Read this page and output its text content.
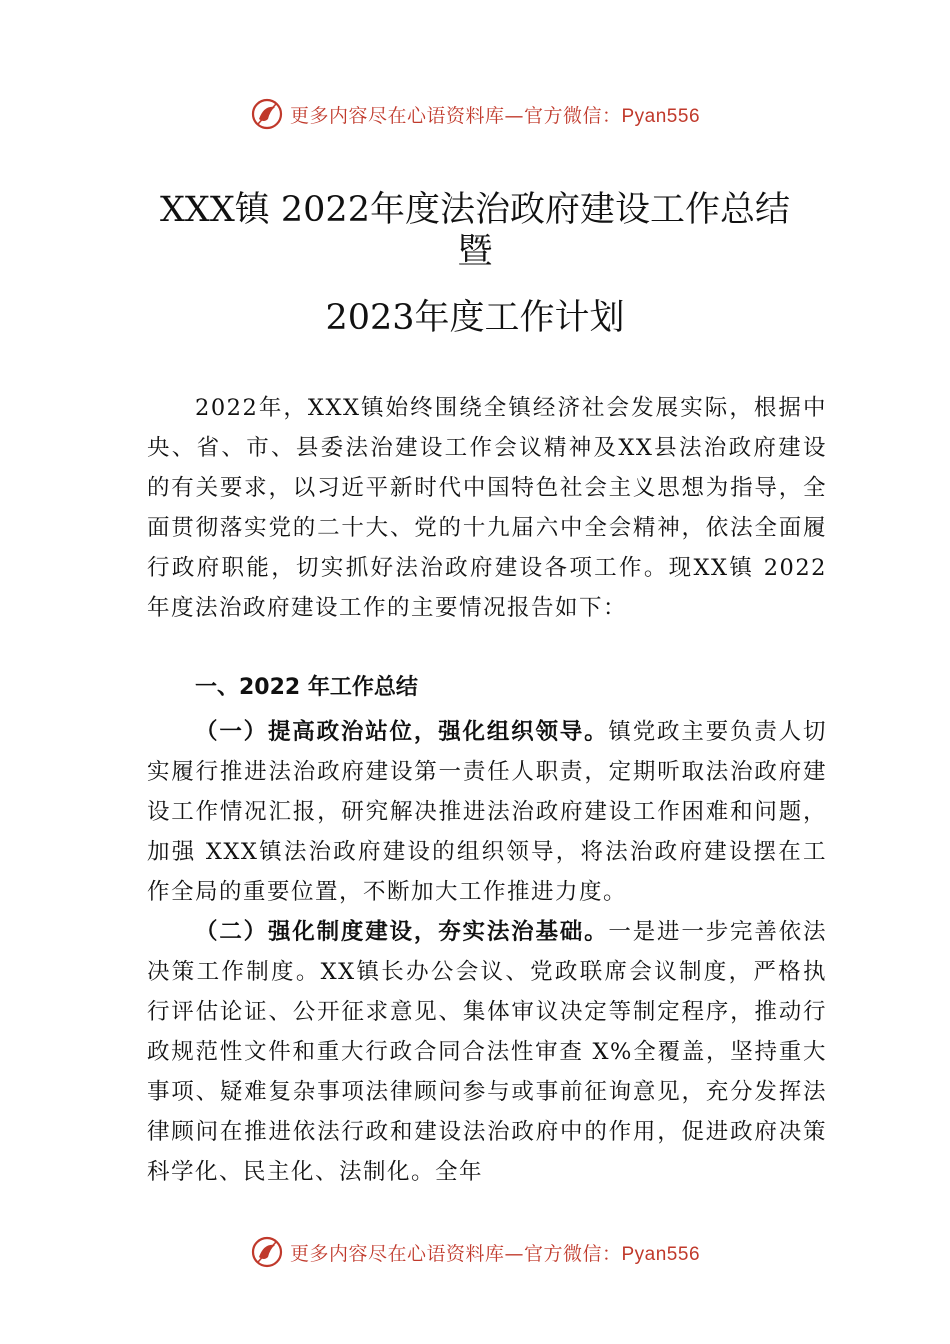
更多内容尽在心语资料库—官方微信：Pyan556
XXX镇 2022年度法治政府建设工作总结
暨
2023年度工作计划
2022年，XXX镇始终围绕全镇经济社会发展实际，根据中央、省、市、县委法治建设工作会议精神及XX县法治政府建设的有关要求，以习近平新时代中国特色社会主义思想为指导，全面贯彻落实党的二十大、党的十九届六中全会精神，依法全面履行政府职能，切实抓好法治政府建设各项工作。现XX镇 2022 年度法治政府建设工作的主要情况报告如下：
一、2022 年工作总结
（一）提高政治站位，强化组织领导。镇党政主要负责人切实履行推进法治政府建设第一责任人职责，定期听取法治政府建设工作情况汇报，研究解决推进法治政府建设工作困难和问题，加强 XXX镇法治政府建设的组织领导，将法治政府建设摆在工作全局的重要位置，不断加大工作推进力度。
（二）强化制度建设，夯实法治基础。一是进一步完善依法决策工作制度。XX镇长办公会议、党政联席会议制度，严格执行评估论证、公开征求意见、集体审议决定等制定程序，推动行政规范性文件和重大行政合同合法性审查 X%全覆盖，坚持重大事项、疑难复杂事项法律顾问参与或事前征询意见，充分发挥法律顾问在推进依法行政和建设法治政府中的作用，促进政府决策科学化、民主化、法制化。全年
更多内容尽在心语资料库—官方微信：Pyan556
